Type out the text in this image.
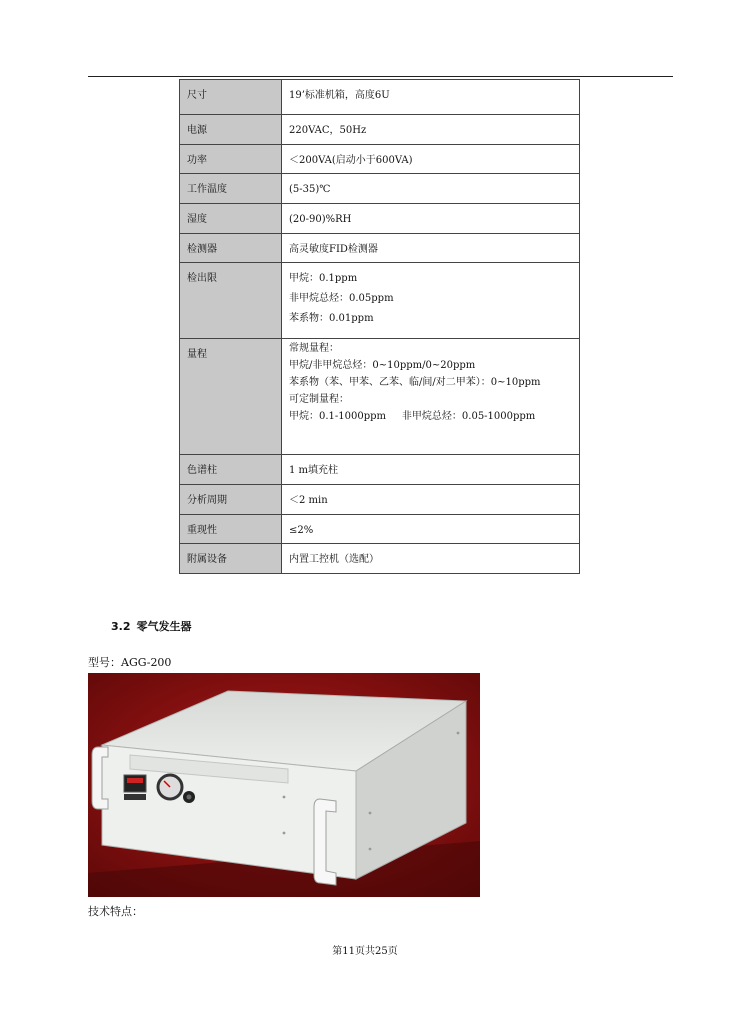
尺寸	19’标准机箱，高度6U

电源	220VAC，50Hz

功率	＜200VA(启动小于600VA)

工作温度	(5-35)℃

湿度	(20-90)%RH

检测器	高灵敏度FID检测器

检出限	甲烷：0.1ppm
非甲烷总烃：0.05ppm
苯系物：0.01ppm

量程	常规量程：
甲烷/非甲烷总烃：0~10ppm/0~20ppm
苯系物（苯、甲苯、乙苯、临/间/对二甲苯）：0~10ppm
可定制量程：
甲烷：0.1-1000ppm     非甲烷总烃：0.05-1000ppm

色谱柱	1 m填充柱

分析周期	＜2 min

重现性	≤2%

附属设备	内置工控机（选配）
3.2 零气发生器
型号：AGG-200
技术特点：
第11页共25页
